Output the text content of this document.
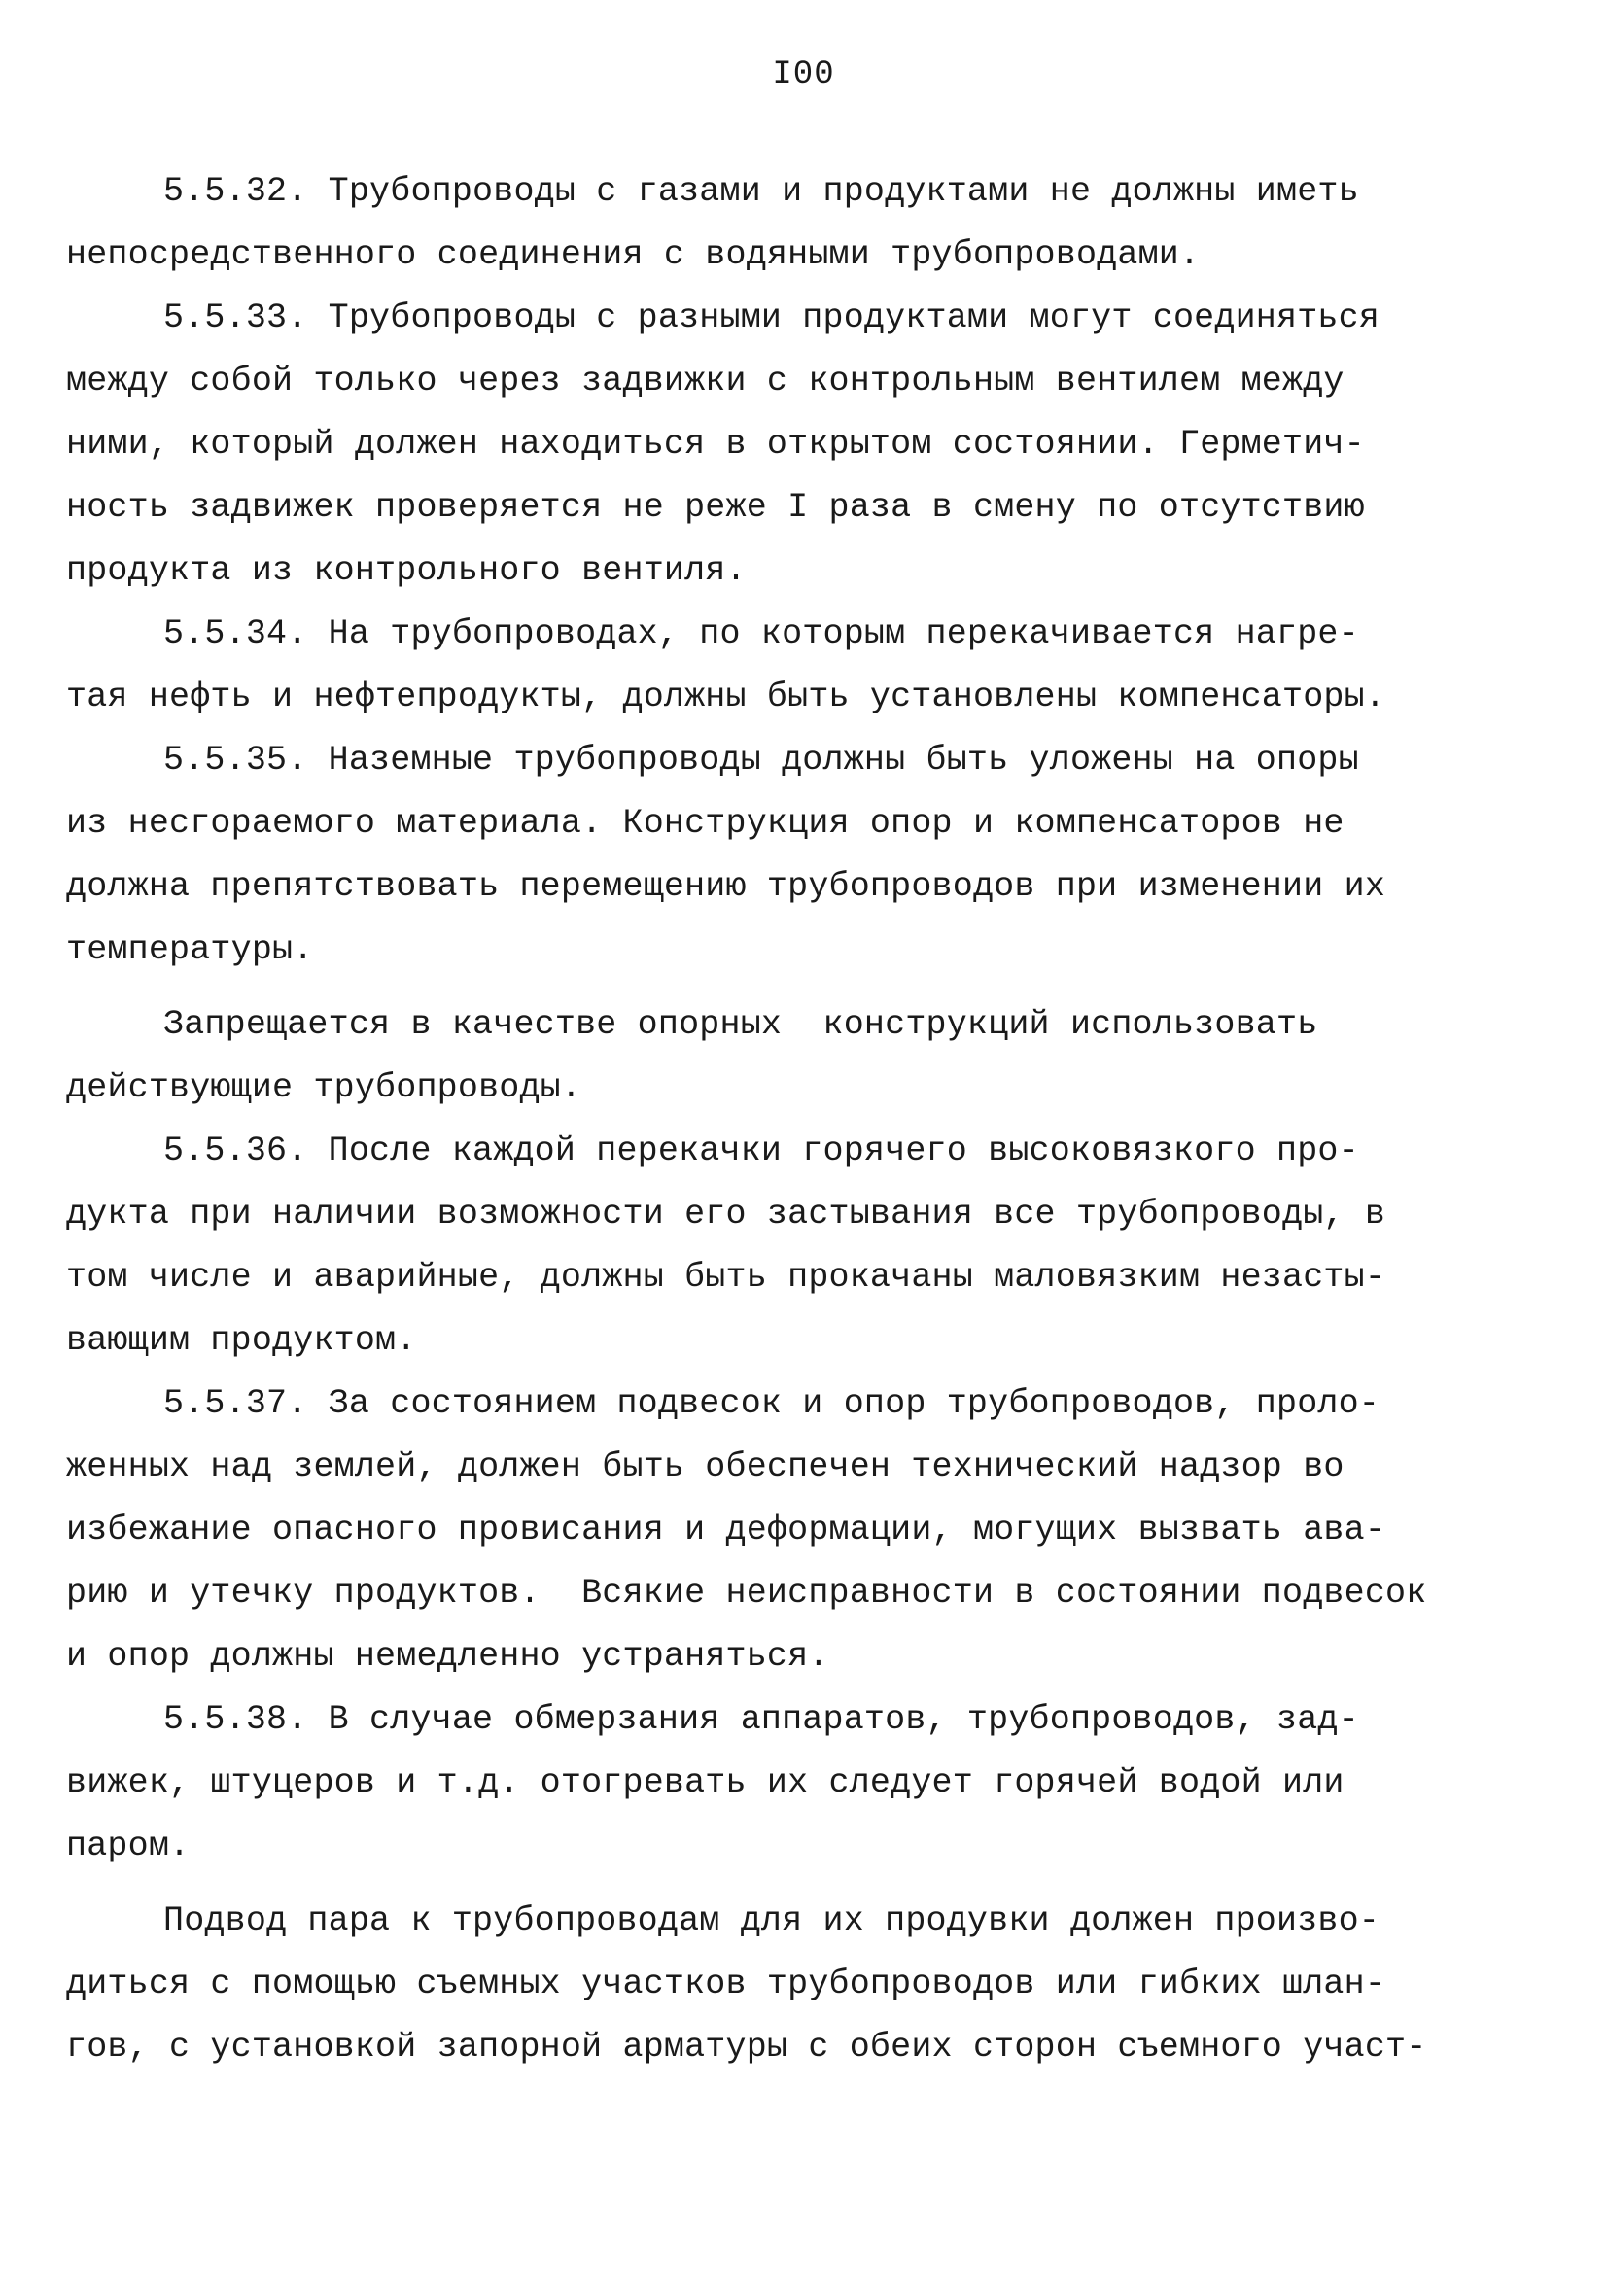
I00
5.5.32. Трубопроводы с газами и продуктами не должны иметь
непосредственного соединения с водяными трубопроводами.
5.5.33. Трубопроводы с разными продуктами могут соединяться
между собой только через задвижки с контрольным вентилем между
ними, который должен находиться в открытом состоянии. Герметич-
ность задвижек проверяется не реже I раза в смену по отсутствию
продукта из контрольного вентиля.
5.5.34. На трубопроводах, по которым перекачивается нагре-
тая нефть и нефтепродукты, должны быть установлены компенсаторы.
5.5.35. Наземные трубопроводы должны быть уложены на опоры
из несгораемого материала. Конструкция опор и компенсаторов не
должна препятствовать перемещению трубопроводов при изменении их
температуры.
Запрещается в качестве опорных  конструкций использовать
действующие трубопроводы.
5.5.36. После каждой перекачки горячего высоковязкого про-
дукта при наличии возможности его застывания все трубопроводы, в
том числе и аварийные, должны быть прокачаны маловязким незасты-
вающим продуктом.
5.5.37. За состоянием подвесок и опор трубопроводов, проло-
женных над землей, должен быть обеспечен технический надзор во
избежание опасного провисания и деформации, могущих вызвать ава-
рию и утечку продуктов.  Всякие неисправности в состоянии подвесок
и опор должны немедленно устраняться.
5.5.38. В случае обмерзания аппаратов, трубопроводов, зад-
вижек, штуцеров и т.д. отогревать их следует горячей водой или
паром.
Подвод пара к трубопроводам для их продувки должен произво-
диться с помощью съемных участков трубопроводов или гибких шлан-
гов, с установкой запорной арматуры с обеих сторон съемного участ-
